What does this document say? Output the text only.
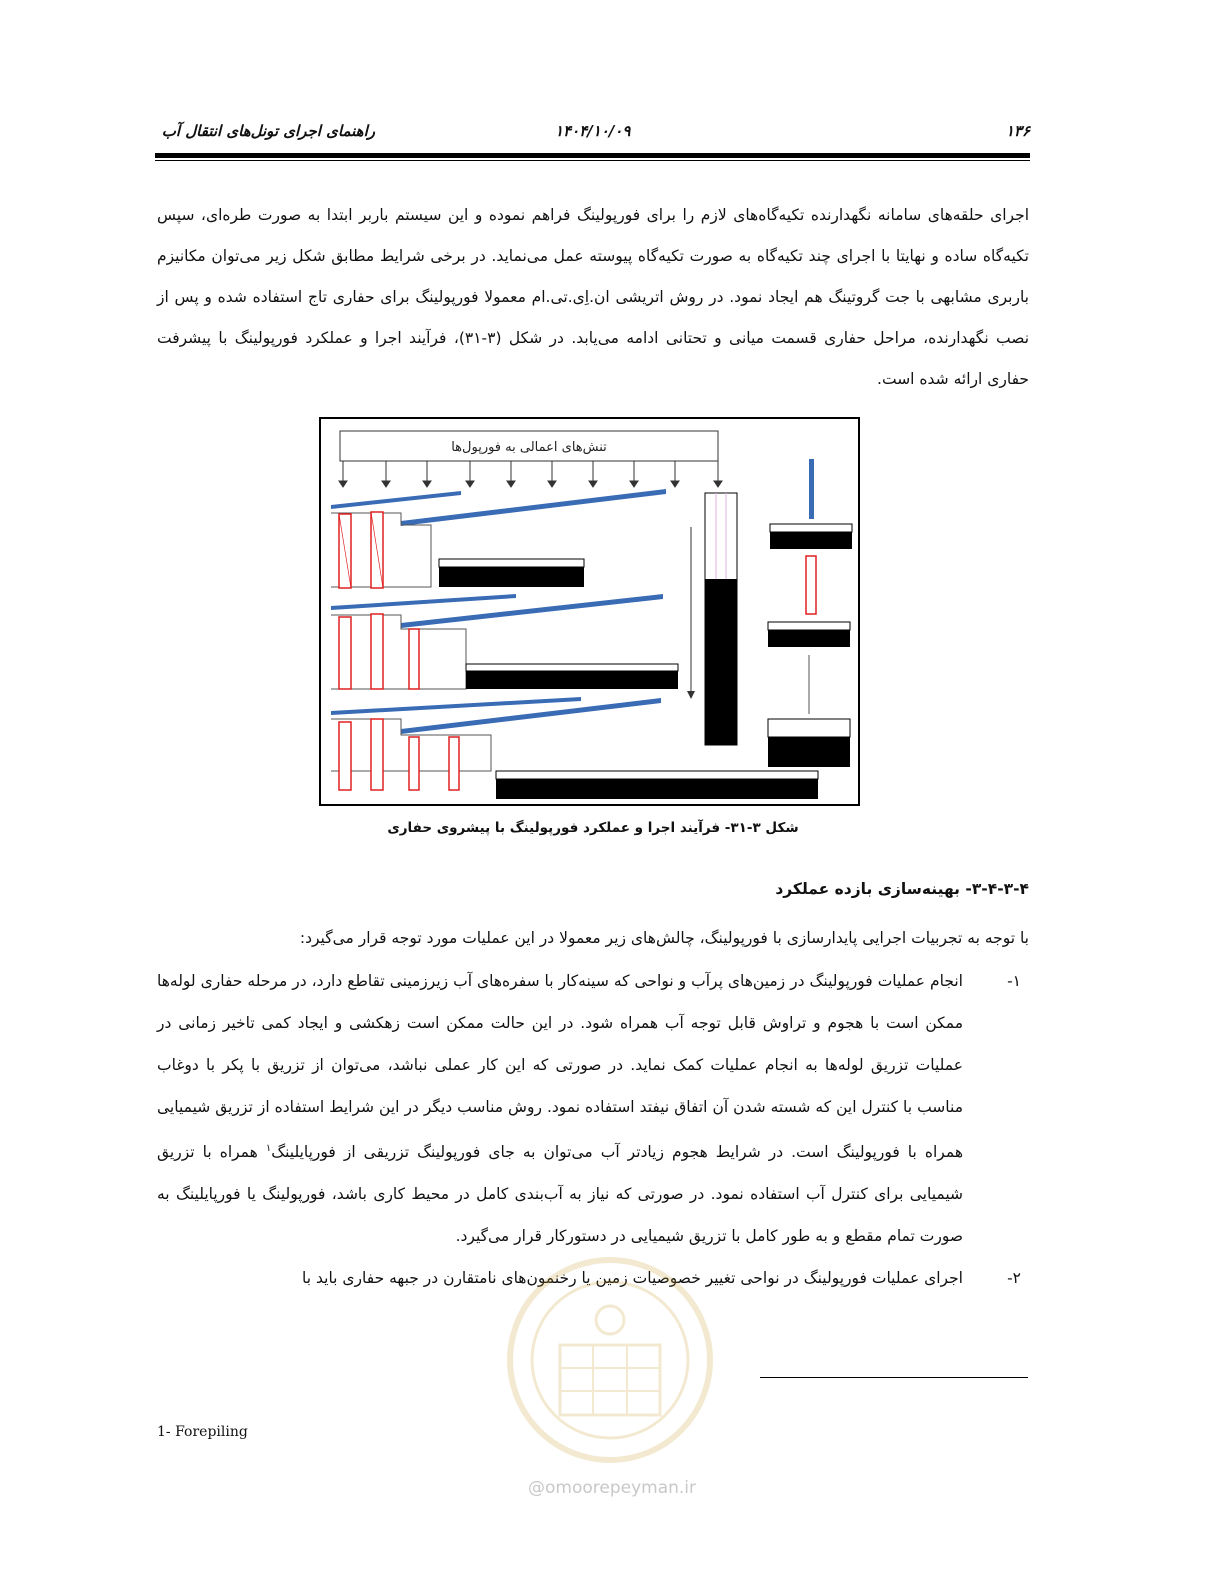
راهنمای اجرای تونل‌های انتقال آب	۱۴۰۴/۱۰/۰۹	۱۳۶

اجرای حلقه‌های سامانه نگهدارنده تکیه‌گاه‌های لازم را برای فورپولینگ فراهم نموده و این سیستم باربر ابتدا به صورت طره‌ای، سپس تکیه‌گاه ساده و نهایتا با اجرای چند تکیه‌گاه به صورت تکیه‌گاه پیوسته عمل می‌نماید. در برخی شرایط مطابق شکل زیر می‌توان مکانیزم باربری مشابهی با جت گروتینگ هم ایجاد نمود. در روش اتریشی ان.اِی.تی.ام معمولا فورپولینگ برای حفاری تاج استفاده شده و پس از نصب نگهدارنده، مراحل حفاری قسمت میانی و تحتانی ادامه می‌یابد. در شکل (۳-۳۱)، فرآیند اجرا و عملکرد فورپولینگ با پیشرفت حفاری ارائه شده است.

تنش‌های اعمالی به فورپول‌ها
شکل ۳-۳۱- فرآیند اجرا و عملکرد فورپولینگ با پیشروی حفاری
۳-۴-۳-۴- بهینه‌سازی بازده عملکرد

با توجه به تجربیات اجرایی پایدارسازی با فورپولینگ، چالش‌های زیر معمولا در این عملیات مورد توجه قرار می‌گیرد:

۱-
انجام عملیات فورپولینگ در زمین‌های پرآب و نواحی که سینه‌کار با سفره‌های آب زیرزمینی تقاطع دارد، در مرحله حفاری لوله‌ها ممکن است با هجوم و تراوش قابل توجه آب همراه شود. در این حالت ممکن است زهکشی و ایجاد کمی تاخیر زمانی در عملیات تزریق لوله‌ها به انجام عملیات کمک نماید. در صورتی که این کار عملی نباشد، می‌توان از تزریق با پکر با دوغاب مناسب با کنترل این که شسته شدن آن اتفاق نیفتد استفاده نمود. روش مناسب دیگر در این شرایط استفاده از تزریق شیمیایی همراه با فورپولینگ است. در شرایط هجوم زیادتر آب می‌توان به جای فورپولینگ تزریقی از فورپایلینگ$^۱$ همراه با تزریق شیمیایی برای کنترل آب استفاده نمود. در صورتی که نیاز به آب‌بندی کامل در محیط کاری باشد، فورپولینگ یا فورپایلینگ به صورت تمام مقطع و به طور کامل با تزریق شیمیایی در دستورکار قرار می‌گیرد.
۲-
اجرای عملیات فورپولینگ در نواحی تغییر خصوصیات زمین یا رخنمون‌های نامتقارن در جبهه حفاری باید با
1- Forepiling
@omoorepeyman.ir
